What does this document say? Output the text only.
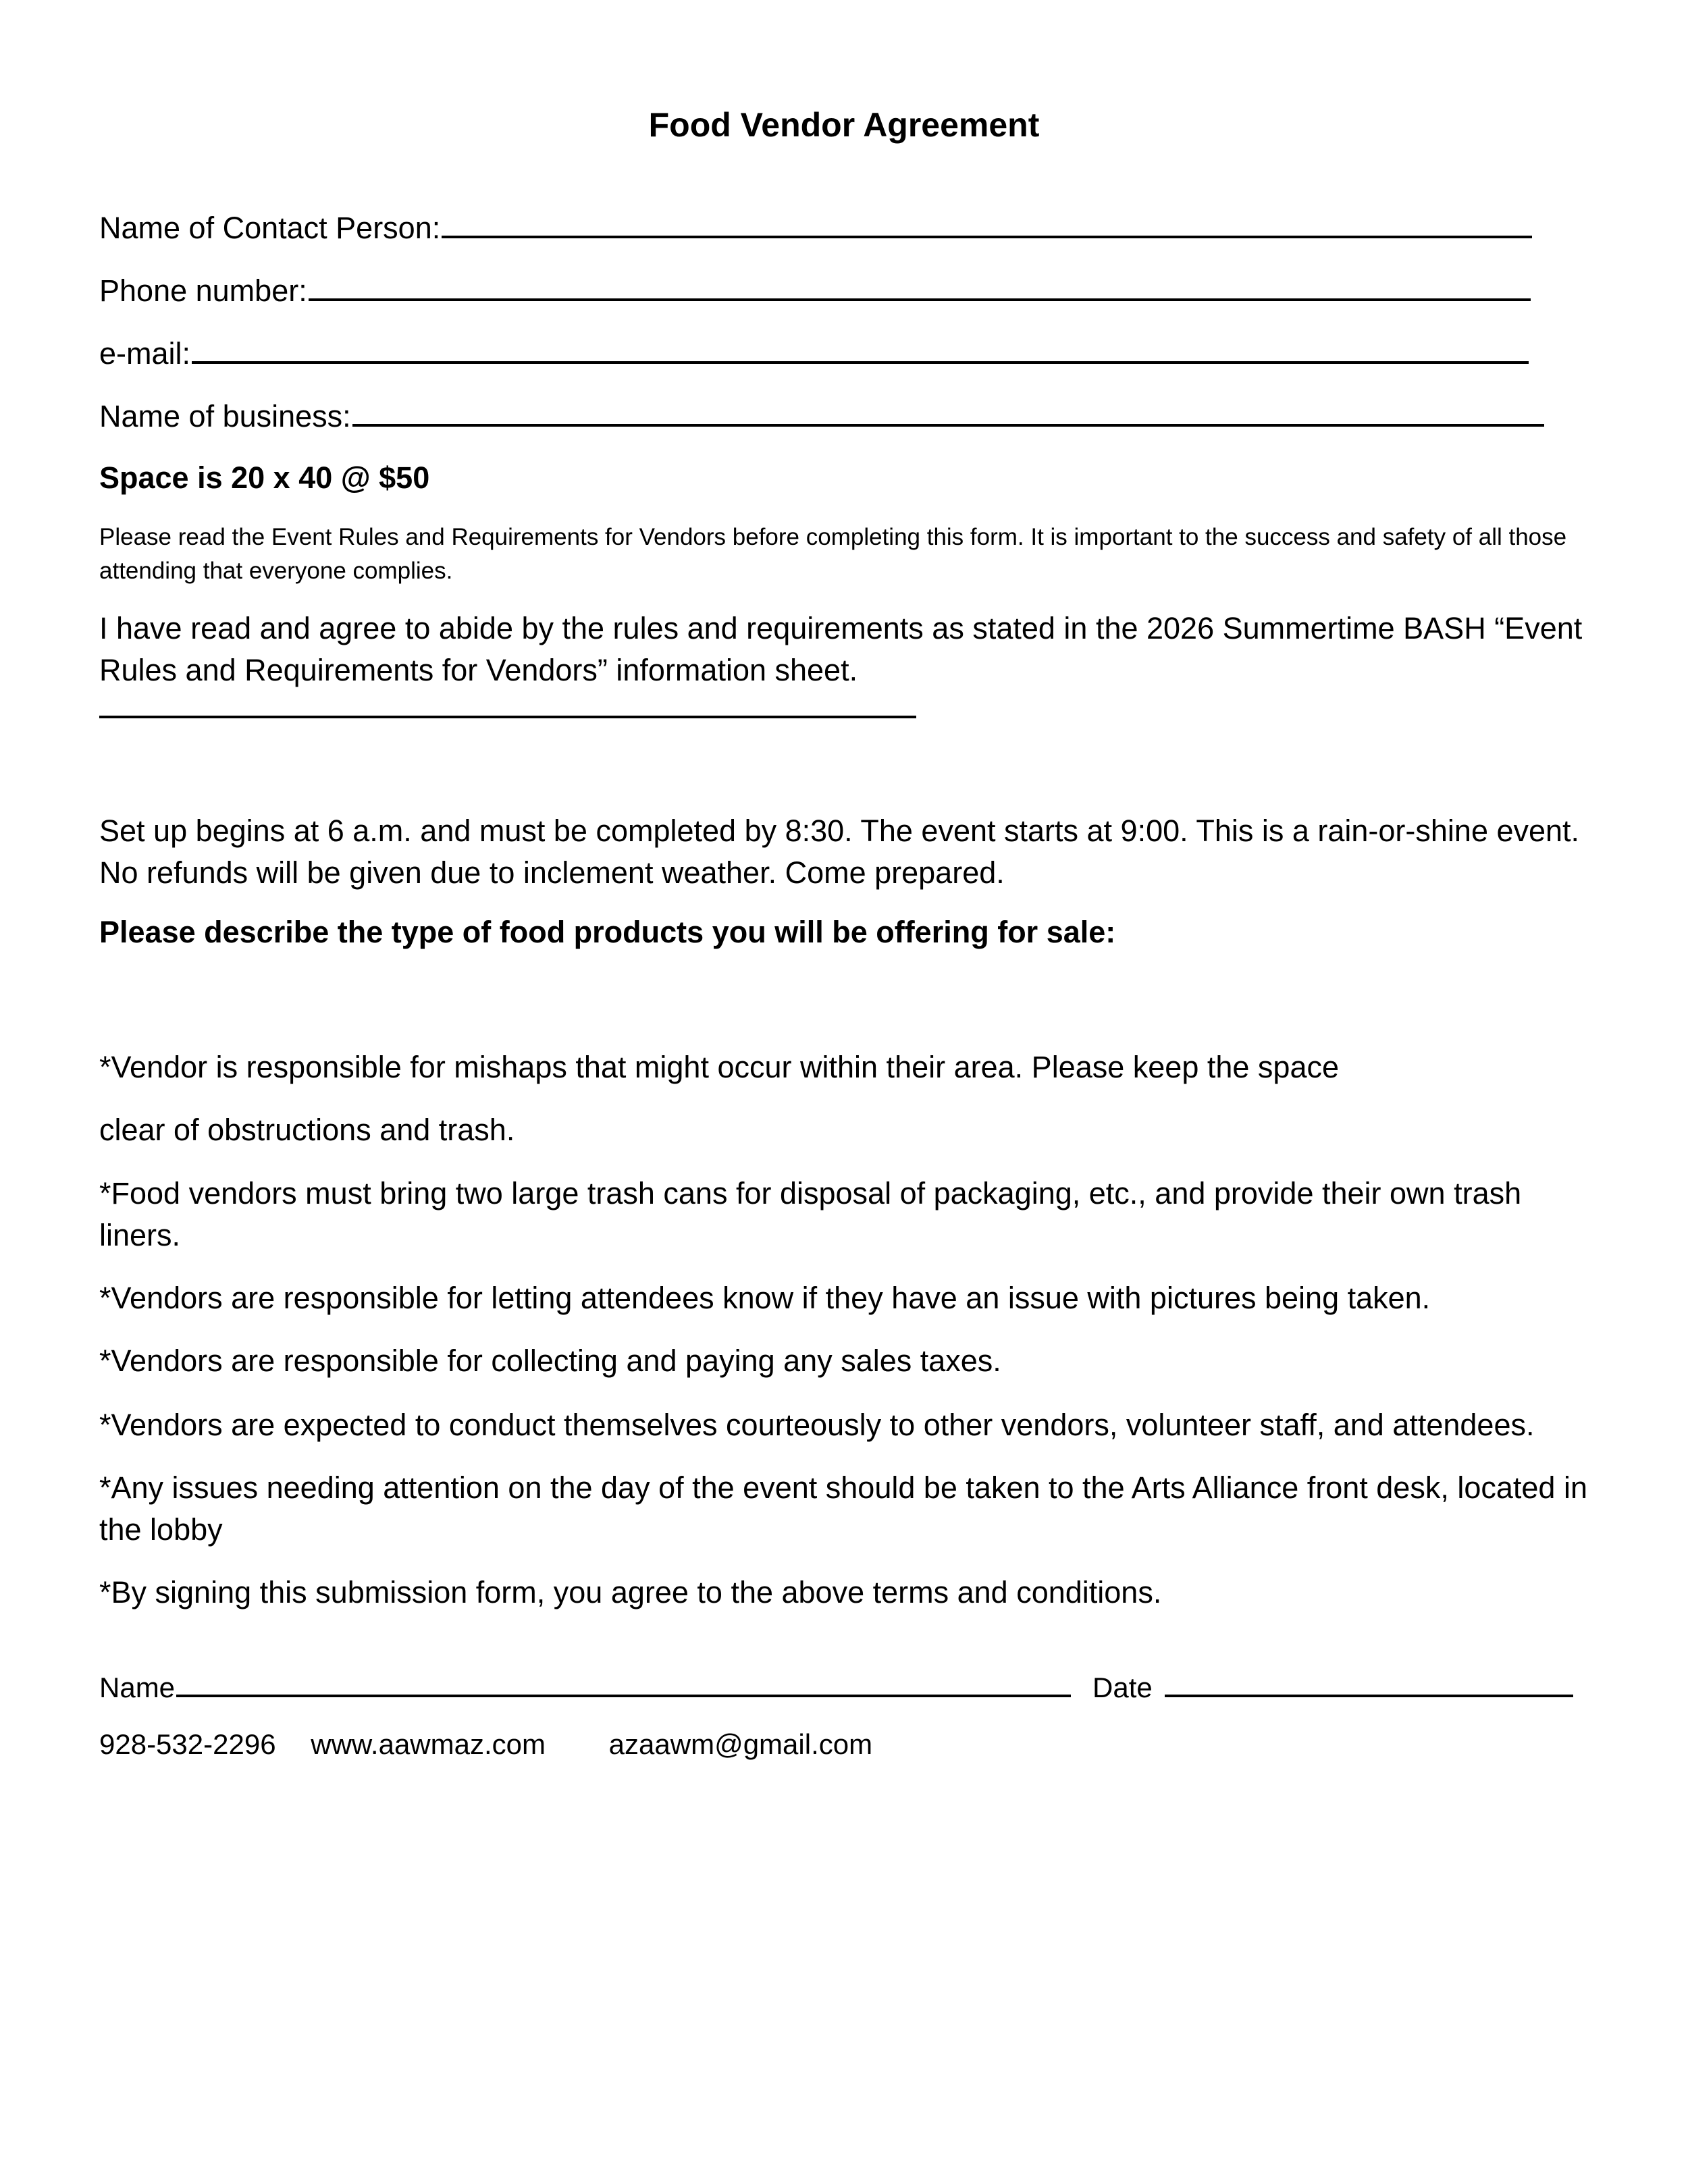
Food Vendor Agreement
Name of Contact Person:
Phone number:
e-mail:
Name of business:
Space is 20 x 40 @ $50
Please read the Event Rules and Requirements for Vendors before completing this form. It is important to the success and safety of all those attending that everyone complies.
I have read and agree to abide by the rules and requirements as stated in the 2026 Summertime BASH “Event Rules and Requirements for Vendors” information sheet.
Set up begins at 6 a.m. and must be completed by 8:30. The event starts at 9:00. This is a rain-or-shine event. No refunds will be given due to inclement weather. Come prepared.
Please describe the type of food products you will be offering for sale:
*Vendor is responsible for mishaps that might occur within their area. Please keep the space
clear of obstructions and trash.
*Food vendors must bring two large trash cans for disposal of packaging, etc., and provide their own trash liners.
*Vendors are responsible for letting attendees know if they have an issue with pictures being taken.
*Vendors are responsible for collecting and paying any sales taxes.
*Vendors are expected to conduct themselves courteously to other vendors, volunteer staff, and attendees.
*Any issues needing attention on the day of the event should be taken to the Arts Alliance front desk, located in the lobby
*By signing this submission form, you agree to the above terms and conditions.
Name	Date
928-532-2296 www.aawmaz.com azaawm@gmail.com
